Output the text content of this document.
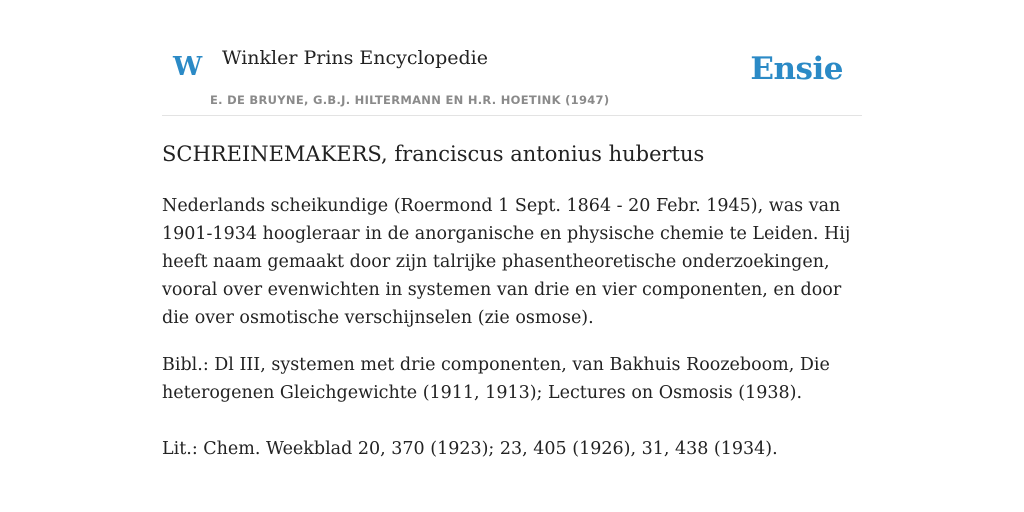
W Winkler Prins Encyclopedie
E. DE BRUYNE, G.B.J. HILTERMANN EN H.R. HOETINK (1947)
Ensie
SCHREINEMAKERS, franciscus antonius hubertus

Nederlands scheikundige (Roermond 1 Sept. 1864 - 20 Febr. 1945), was van 1901-1934 hoogleraar in de anorganische en physische chemie te Leiden. Hij heeft naam gemaakt door zijn talrijke phasentheoretische onderzoekingen, vooral over evenwichten in systemen van drie en vier componenten, en door die over osmotische verschijnselen (zie osmose).

Bibl.: Dl III, systemen met drie componenten, van Bakhuis Roozeboom, Die heterogenen Gleichgewichte (1911, 1913); Lectures on Osmosis (1938).

Lit.: Chem. Weekblad 20, 370 (1923); 23, 405 (1926), 31, 438 (1934).
